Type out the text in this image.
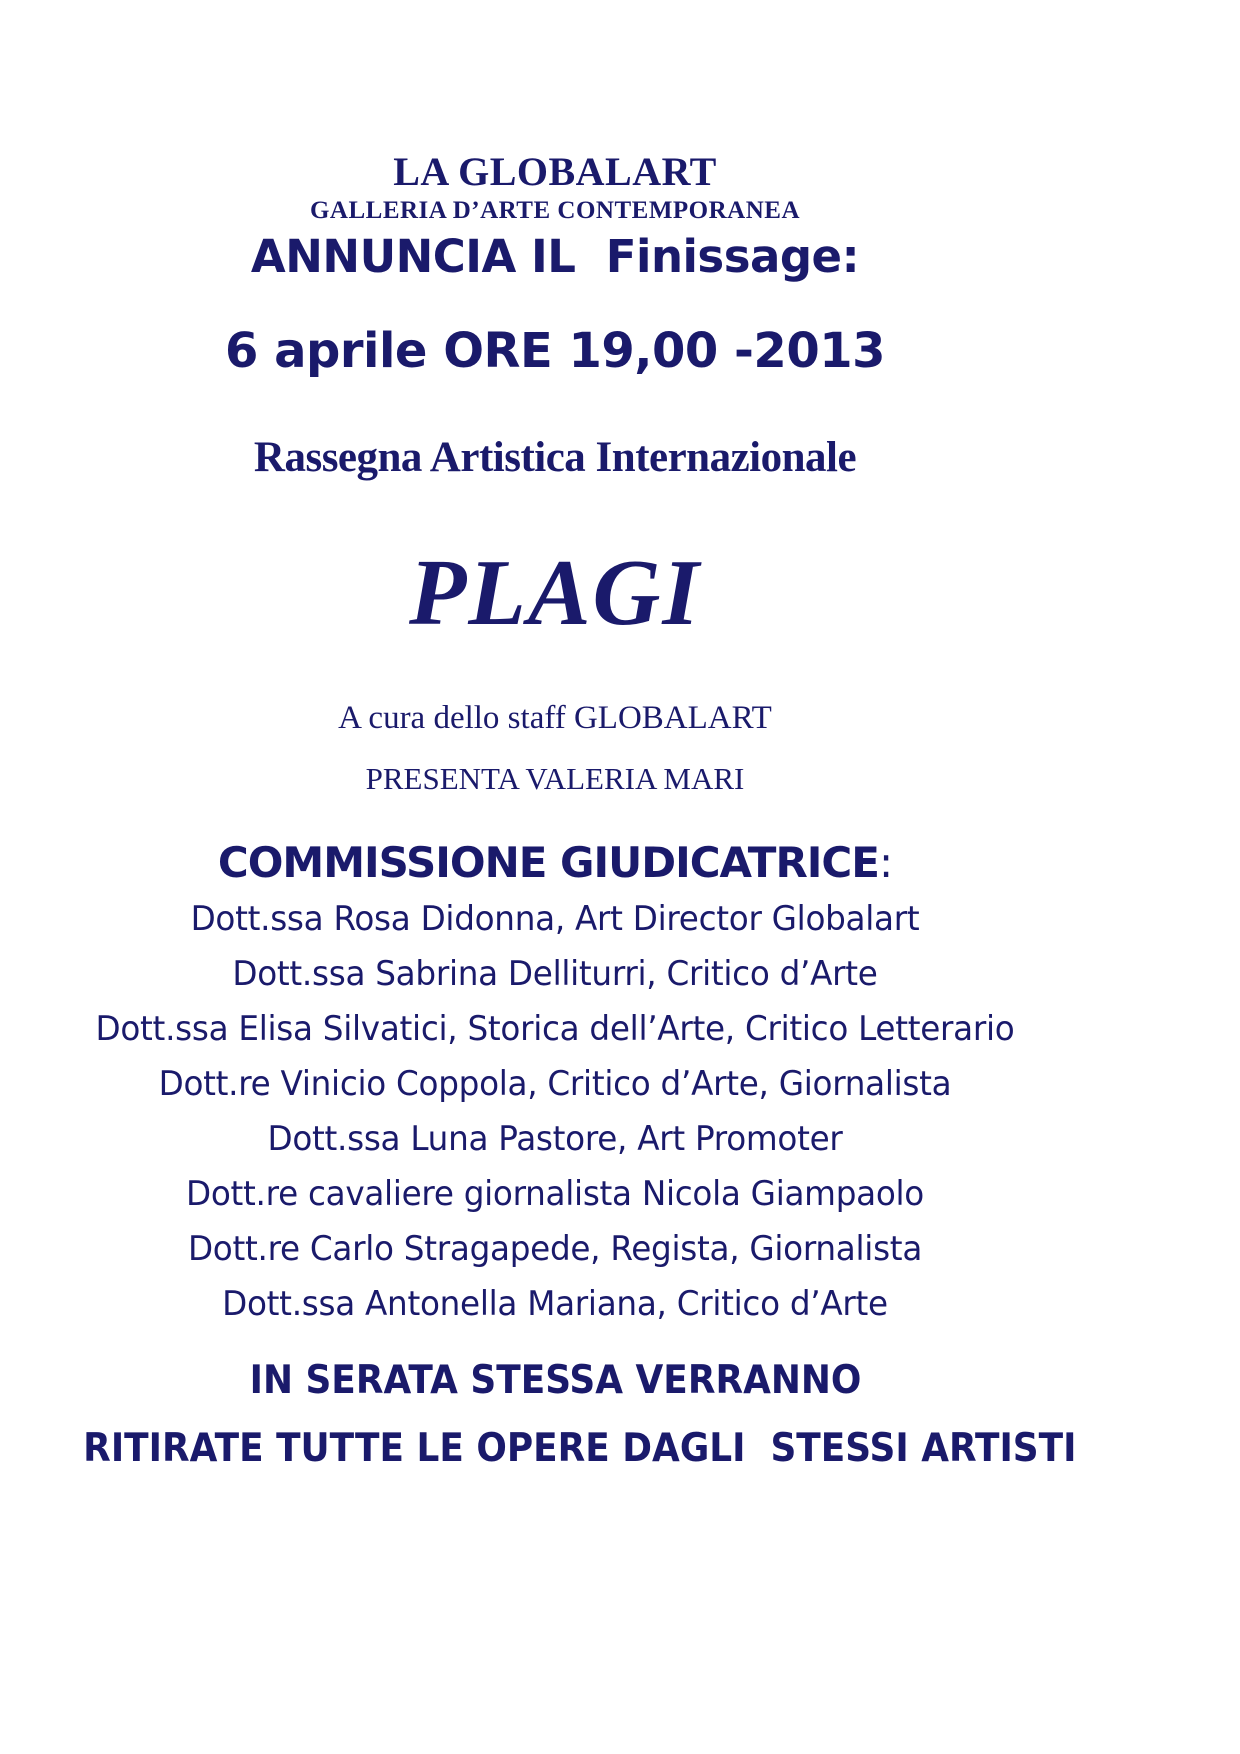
LA GLOBALART
GALLERIA D’ARTE CONTEMPORANEA
ANNUNCIA IL  Finissage:
6 aprile ORE 19,00 -2013
Rassegna Artistica Internazionale
PLAGI
A cura dello staff GLOBALART
PRESENTA VALERIA MARI
COMMISSIONE GIUDICATRICE:
Dott.ssa Rosa Didonna, Art Director Globalart
Dott.ssa Sabrina Delliturri, Critico d’Arte
Dott.ssa Elisa Silvatici, Storica dell’Arte, Critico Letterario
Dott.re Vinicio Coppola, Critico d’Arte, Giornalista
Dott.ssa Luna Pastore, Art Promoter
Dott.re cavaliere giornalista Nicola Giampaolo
Dott.re Carlo Stragapede, Regista, Giornalista
Dott.ssa Antonella Mariana, Critico d’Arte
IN SERATA STESSA VERRANNO
RITIRATE TUTTE LE OPERE DAGLI  STESSI ARTISTI
